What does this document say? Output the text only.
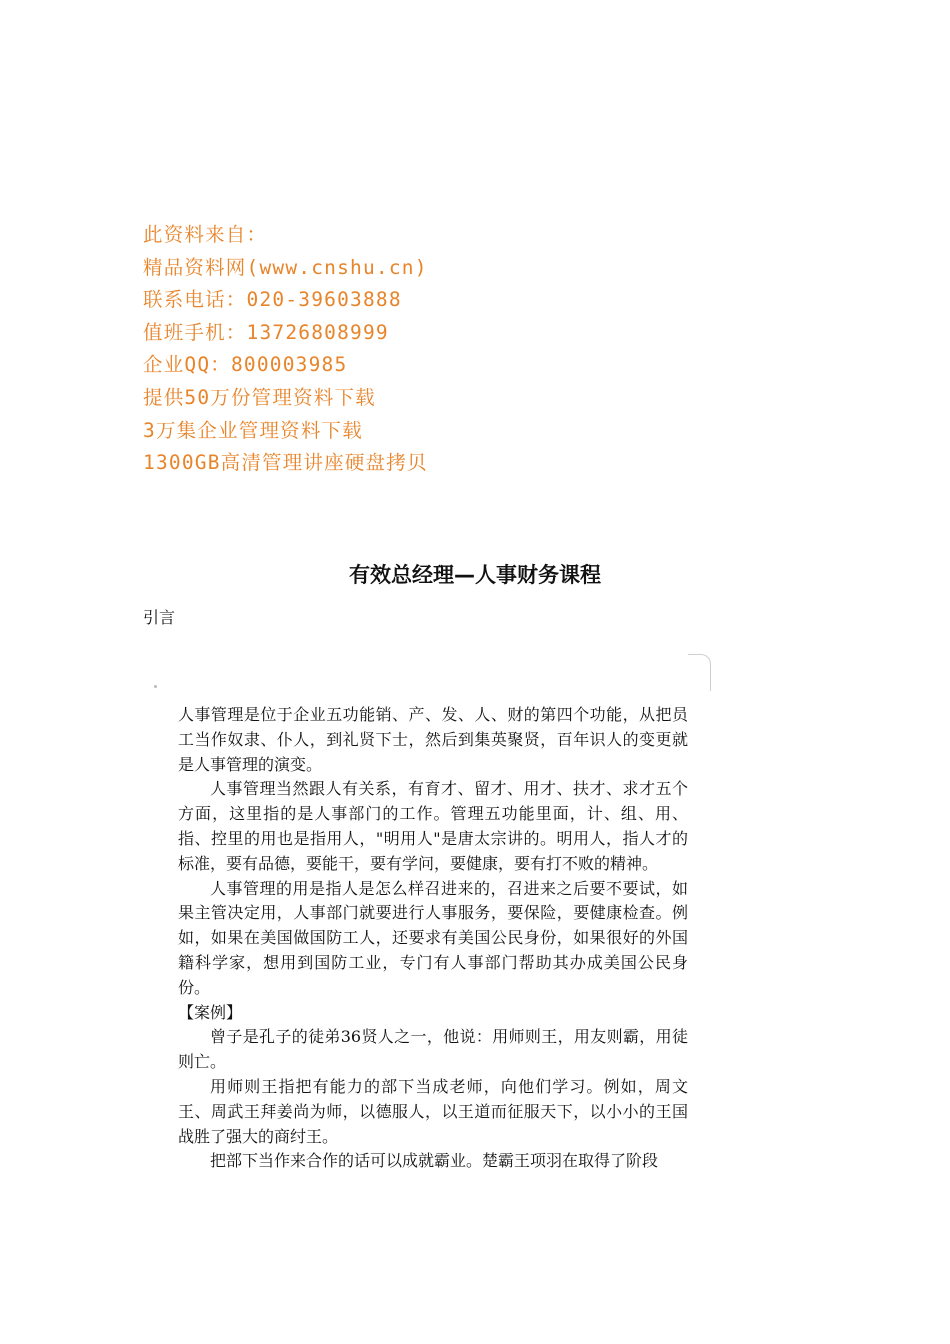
此资料来自：
精品资料网(www.cnshu.cn)
联系电话：020-39603888
值班手机：13726808999
企业QQ：800003985
提供50万份管理资料下载
3万集企业管理资料下载
1300GB高清管理讲座硬盘拷贝
有效总经理—人事财务课程
引言

人事管理是位于企业五功能销、产、发、人、财的第四个功能，从把员工当作奴隶、仆人，到礼贤下士，然后到集英聚贤，百年识人的变更就是人事管理的演变。

人事管理当然跟人有关系，有育才、留才、用才、扶才、求才五个方面，这里指的是人事部门的工作。管理五功能里面，计、组、用、指、控里的用也是指用人，"明用人"是唐太宗讲的。明用人，指人才的标准，要有品德，要能干，要有学问，要健康，要有打不败的精神。

人事管理的用是指人是怎么样召进来的，召进来之后要不要试，如果主管决定用，人事部门就要进行人事服务，要保险，要健康检查。例如，如果在美国做国防工人，还要求有美国公民身份，如果很好的外国籍科学家，想用到国防工业，专门有人事部门帮助其办成美国公民身份。

【案例】

曾子是孔子的徒弟36贤人之一，他说：用师则王，用友则霸，用徒则亡。

用师则王指把有能力的部下当成老师，向他们学习。例如，周文王、周武王拜姜尚为师，以德服人，以王道而征服天下，以小小的王国战胜了强大的商纣王。

把部下当作来合作的话可以成就霸业。楚霸王项羽在取得了阶段
